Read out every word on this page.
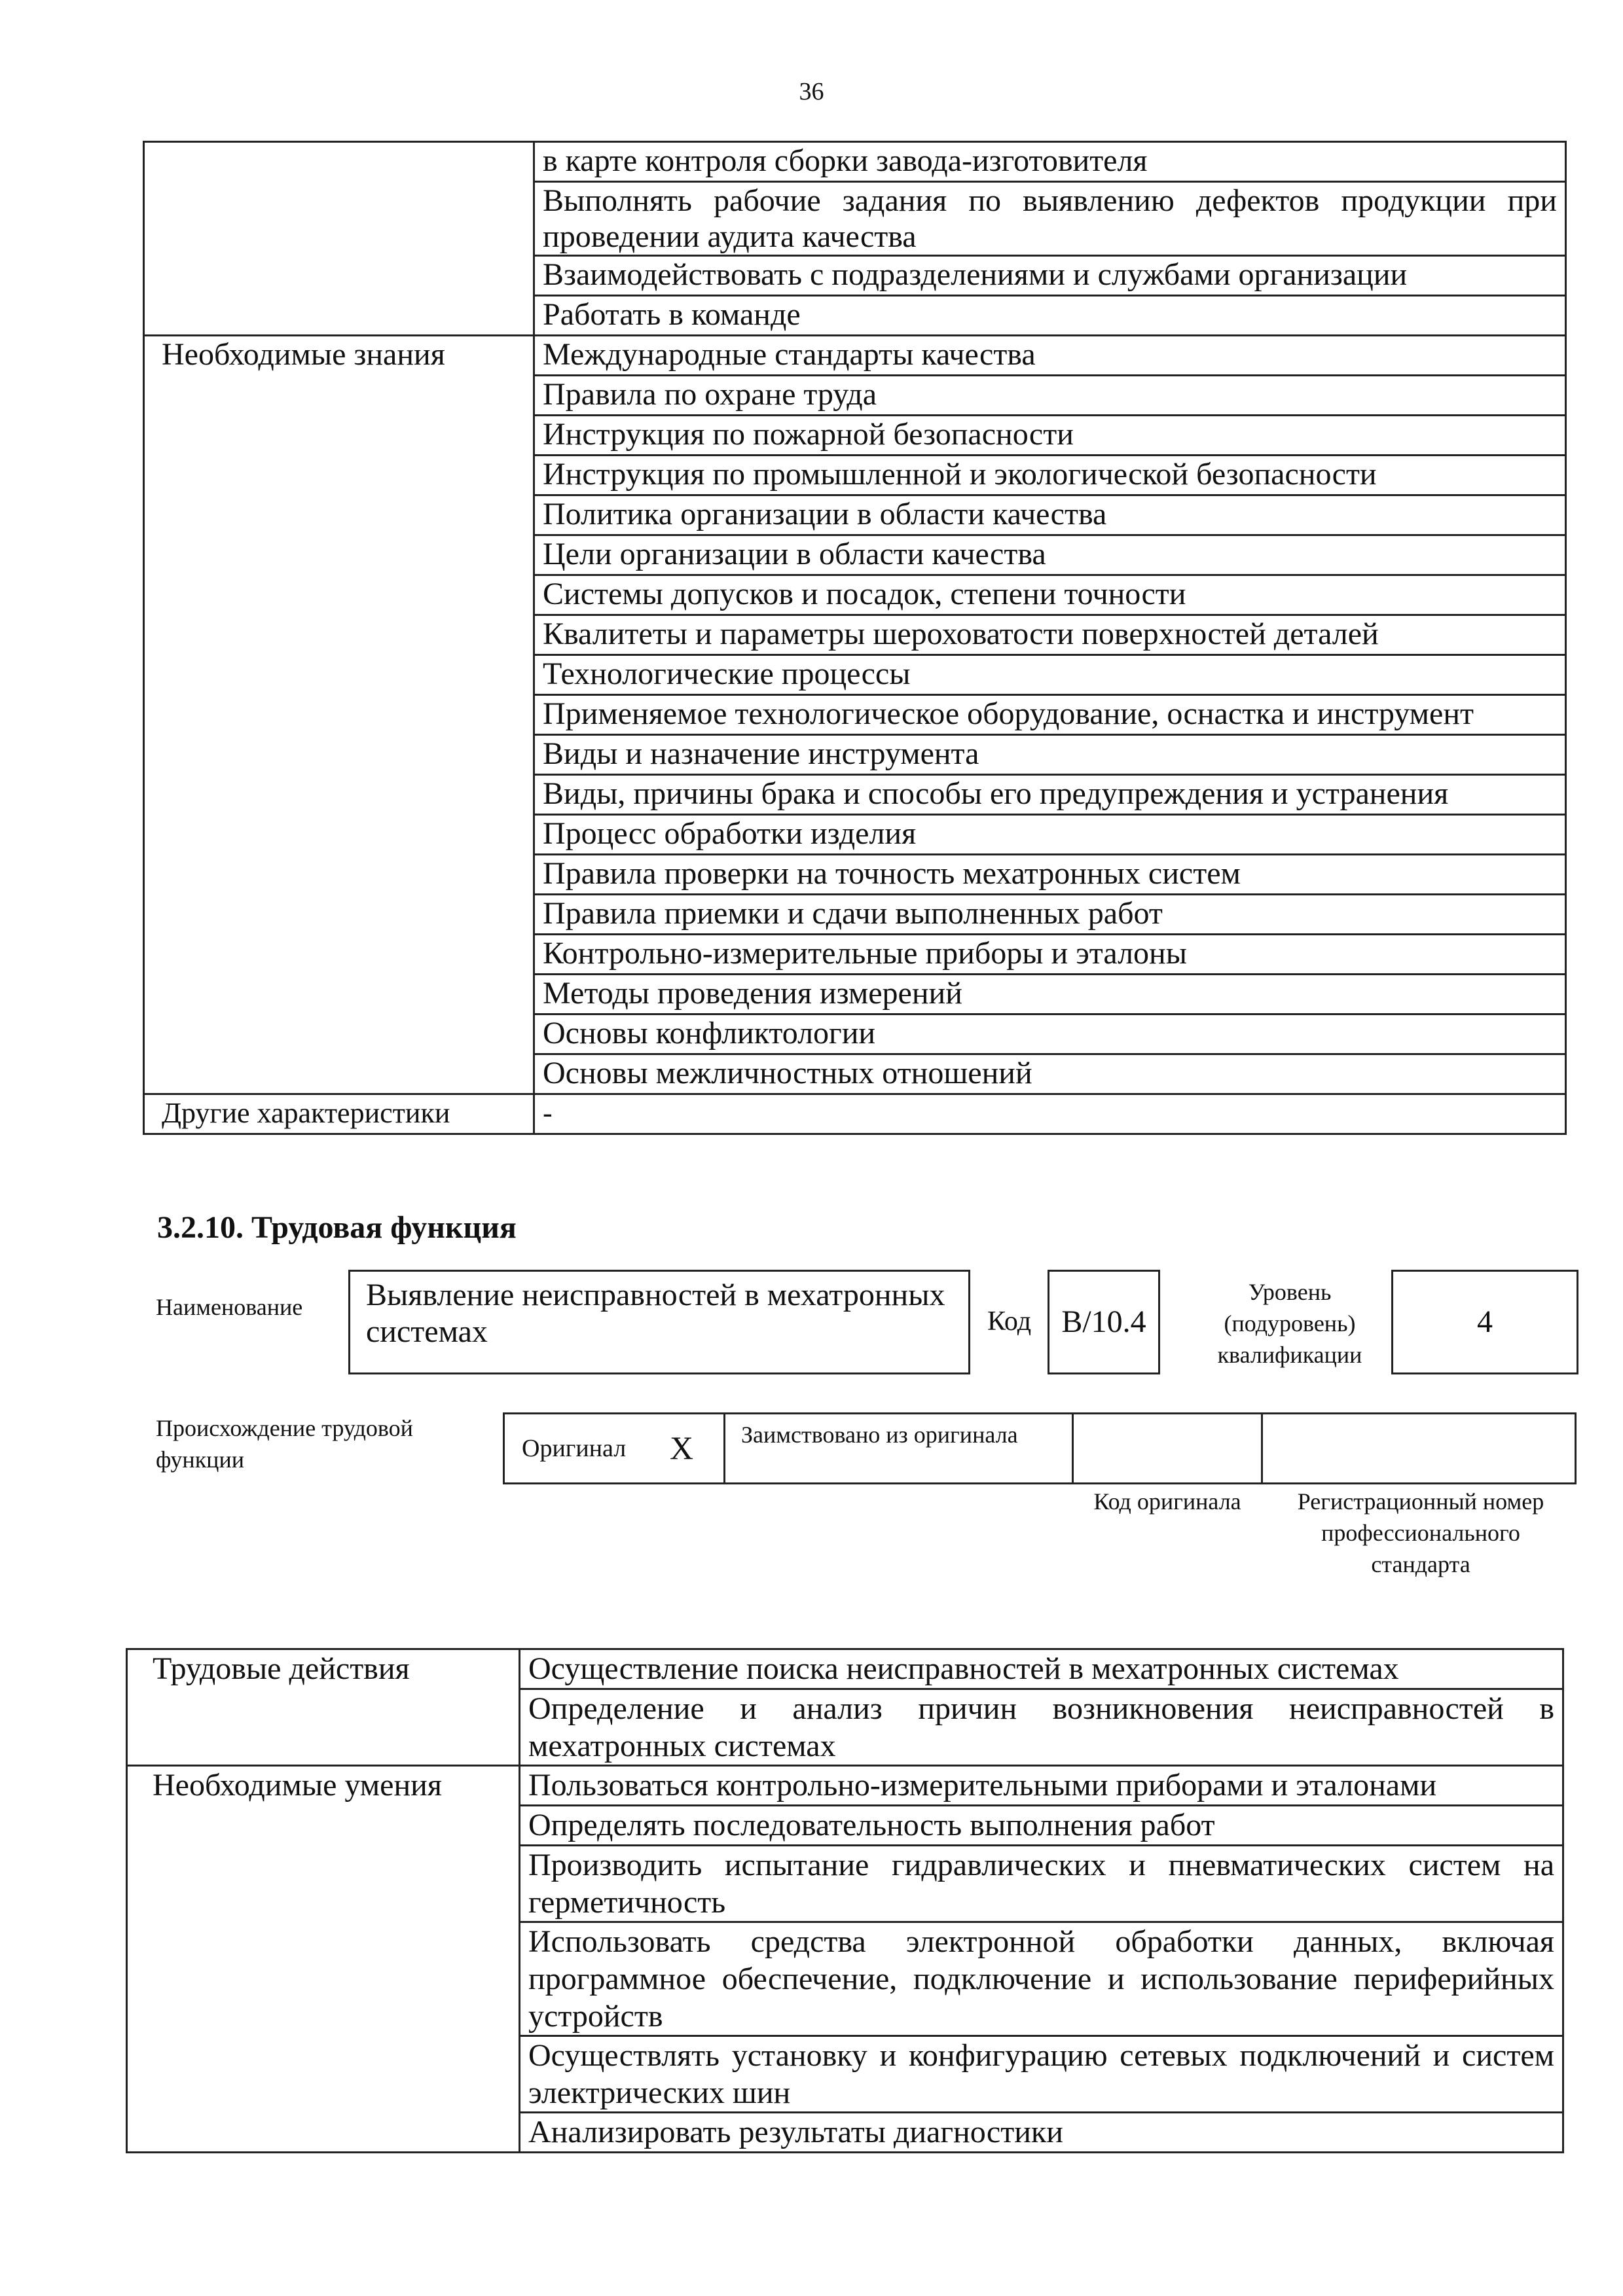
36
	в карте контроля сборки завода-изготовителя
	Выполнять рабочие задания по выявлению дефектов продукции при проведении аудита качества
	Взаимодействовать с подразделениями и службами организации
	Работать в команде
Необходимые знания	Международные стандарты качества
	Правила по охране труда
	Инструкция по пожарной безопасности
	Инструкция по промышленной и экологической безопасности
	Политика организации в области качества
	Цели организации в области качества
	Системы допусков и посадок, степени точности
	Квалитеты и параметры шероховатости поверхностей деталей
	Технологические процессы
	Применяемое технологическое оборудование, оснастка и инструмент
	Виды и назначение инструмента
	Виды, причины брака и способы его предупреждения и устранения
	Процесс обработки изделия
	Правила проверки на точность мехатронных систем
	Правила приемки и сдачи выполненных работ
	Контрольно-измерительные приборы и эталоны
	Методы проведения измерений
	Основы конфликтологии
	Основы межличностных отношений
Другие характеристики	-
3.2.10. Трудовая функция
Наименование	Выявление неисправностей в мехатронных системах	Код B/10.4
Уровень (подуровень) квалификации
4
Происхождение трудовой функции	Оригинал X	Заимствовано из оригинала
Код оригинала	Регистрационный номер профессионального стандарта
Трудовые действия	Осуществление поиска неисправностей в мехатронных системах
	Определение и анализ причин возникновения неисправностей в мехатронных системах
Необходимые умения	Пользоваться контрольно-измерительными приборами и эталонами
	Определять последовательность выполнения работ
	Производить испытание гидравлических и пневматических систем на герметичность
	Использовать средства электронной обработки данных, включая программное обеспечение, подключение и использование периферийных устройств
	Осуществлять установку и конфигурацию сетевых подключений и систем электрических шин
	Анализировать результаты диагностики
